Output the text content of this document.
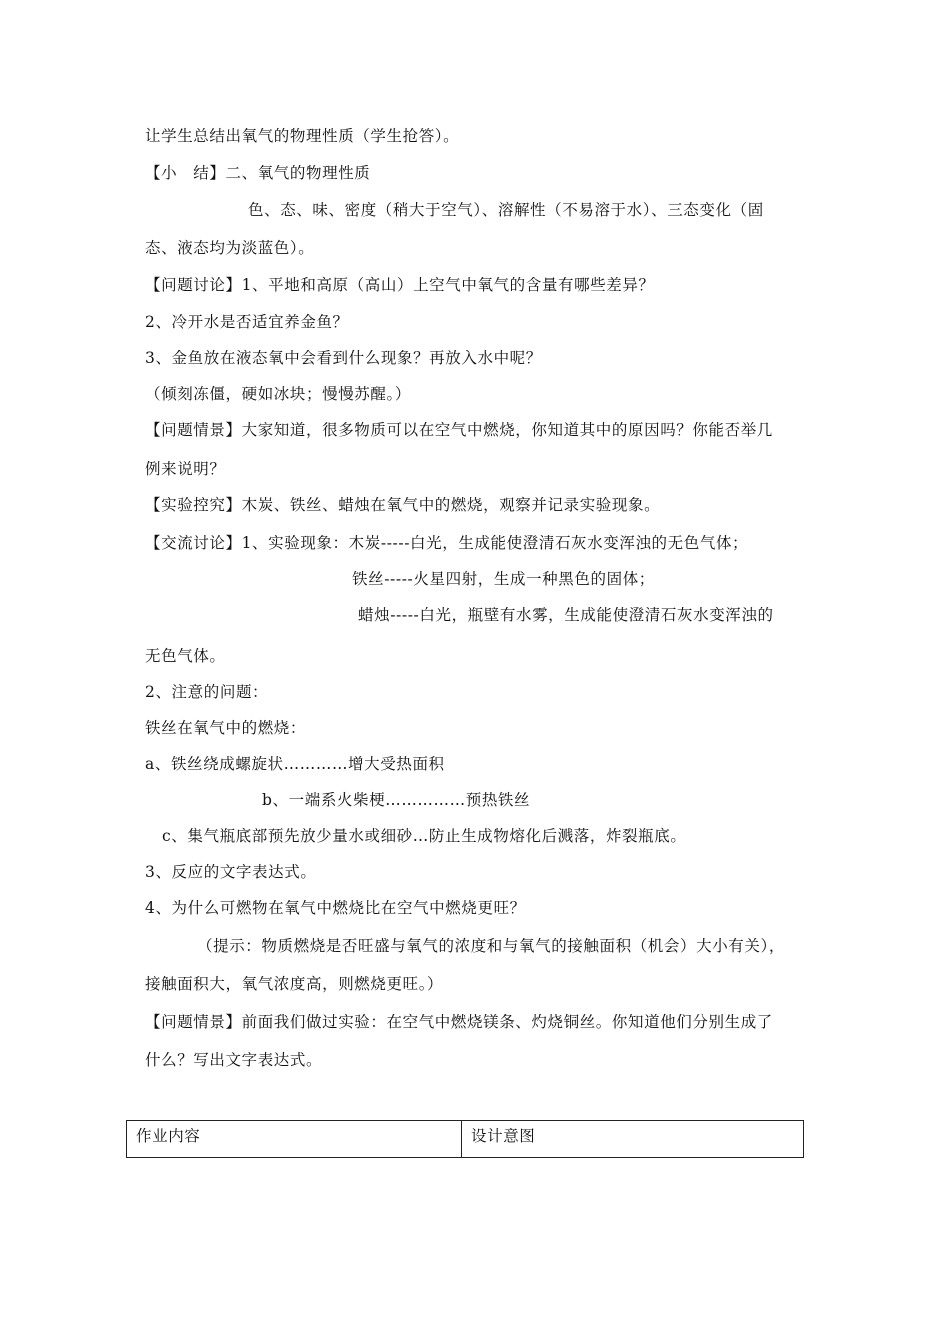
让学生总结出氧气的物理性质（学生抢答）。
【小　结】二、氧气的物理性质
色、态、味、密度（稍大于空气）、溶解性（不易溶于水）、三态变化（固
态、液态均为淡蓝色）。
【问题讨论】1、平地和高原（高山）上空气中氧气的含量有哪些差异？
2、冷开水是否适宜养金鱼？
3、金鱼放在液态氧中会看到什么现象？再放入水中呢？
（倾刻冻僵，硬如冰块；慢慢苏醒。）
【问题情景】大家知道，很多物质可以在空气中燃烧，你知道其中的原因吗？你能否举几
例来说明？
【实验控究】木炭、铁丝、蜡烛在氧气中的燃烧，观察并记录实验现象。
【交流讨论】1、实验现象：木炭-----白光，生成能使澄清石灰水变浑浊的无色气体；
铁丝-----火星四射，生成一种黑色的固体；
蜡烛-----白光，瓶壁有水雾，生成能使澄清石灰水变浑浊的
无色气体。
2、注意的问题：
铁丝在氧气中的燃烧：
a、铁丝绕成螺旋状…………增大受热面积
b、一端系火柴梗……………预热铁丝
c、集气瓶底部预先放少量水或细砂…防止生成物熔化后溅落，炸裂瓶底。
3、反应的文字表达式。
4、为什么可燃物在氧气中燃烧比在空气中燃烧更旺？
（提示：物质燃烧是否旺盛与氧气的浓度和与氧气的接触面积（机会）大小有关），
接触面积大，氧气浓度高，则燃烧更旺。）
【问题情景】前面我们做过实验：在空气中燃烧镁条、灼烧铜丝。你知道他们分别生成了
什么？写出文字表达式。
作业内容	设计意图
